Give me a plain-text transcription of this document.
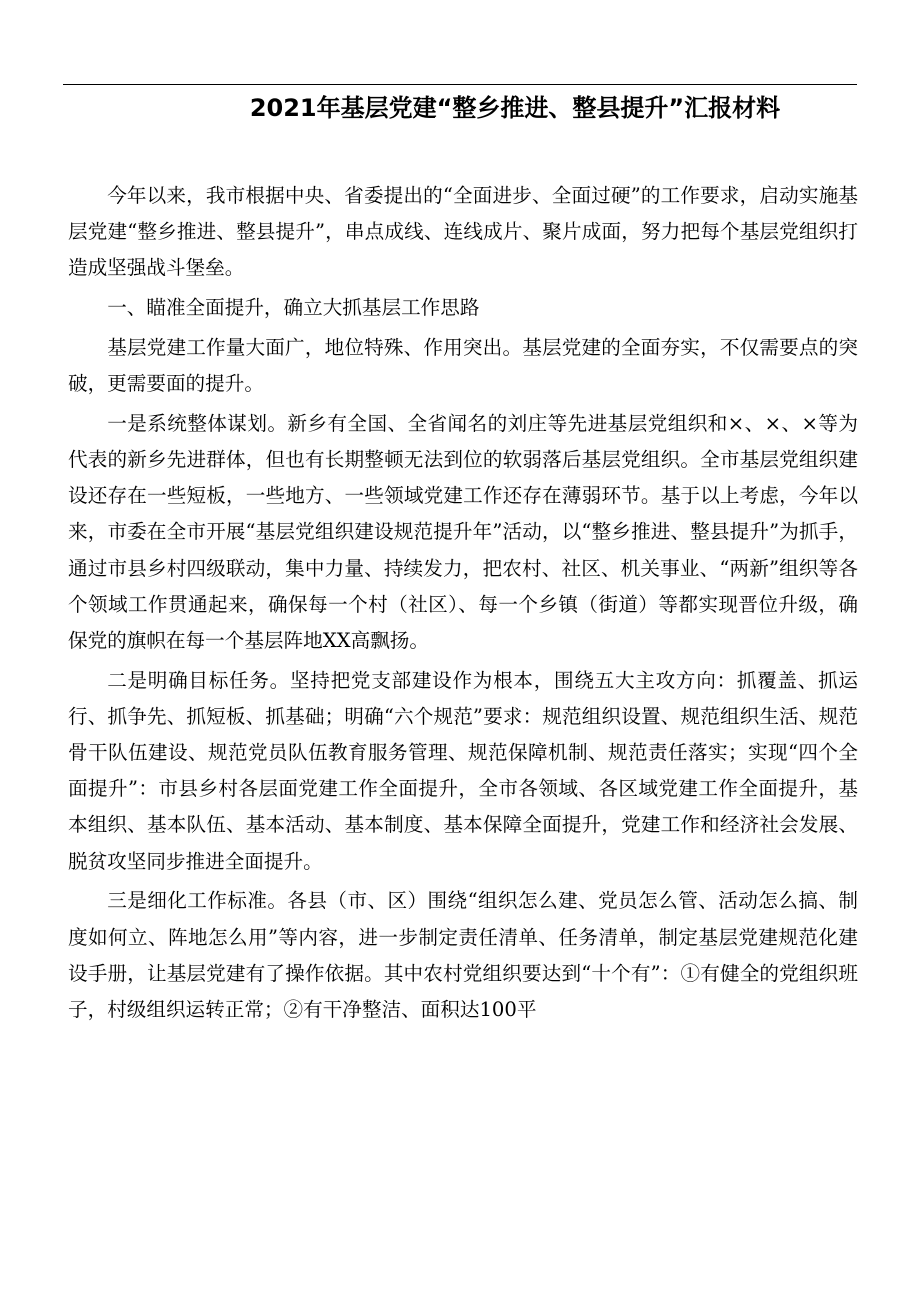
2021年基层党建“整乡推进、整县提升”汇报材料

今年以来，我市根据中央、省委提出的“全面进步、全面过硬”的工作要求，启动实施基层党建“整乡推进、整县提升”，串点成线、连线成片、聚片成面，努力把每个基层党组织打造成坚强战斗堡垒。

一、瞄准全面提升，确立大抓基层工作思路

基层党建工作量大面广，地位特殊、作用突出。基层党建的全面夯实，不仅需要点的突破，更需要面的提升。

一是系统整体谋划。新乡有全国、全省闻名的刘庄等先进基层党组织和×、×、×等为代表的新乡先进群体，但也有长期整顿无法到位的软弱落后基层党组织。全市基层党组织建设还存在一些短板，一些地方、一些领域党建工作还存在薄弱环节。基于以上考虑，今年以来，市委在全市开展“基层党组织建设规范提升年”活动，以“整乡推进、整县提升”为抓手，通过市县乡村四级联动，集中力量、持续发力，把农村、社区、机关事业、“两新”组织等各个领域工作贯通起来，确保每一个村（社区）、每一个乡镇（街道）等都实现晋位升级，确保党的旗帜在每一个基层阵地XX高飘扬。

二是明确目标任务。坚持把党支部建设作为根本，围绕五大主攻方向：抓覆盖、抓运行、抓争先、抓短板、抓基础；明确“六个规范”要求：规范组织设置、规范组织生活、规范骨干队伍建设、规范党员队伍教育服务管理、规范保障机制、规范责任落实；实现“四个全面提升”：市县乡村各层面党建工作全面提升，全市各领域、各区域党建工作全面提升，基本组织、基本队伍、基本活动、基本制度、基本保障全面提升，党建工作和经济社会发展、脱贫攻坚同步推进全面提升。

三是细化工作标准。各县（市、区）围绕“组织怎么建、党员怎么管、活动怎么搞、制度如何立、阵地怎么用”等内容，进一步制定责任清单、任务清单，制定基层党建规范化建设手册，让基层党建有了操作依据。其中农村党组织要达到“十个有”：①有健全的党组织班子，村级组织运转正常；②有干净整洁、面积达100平
